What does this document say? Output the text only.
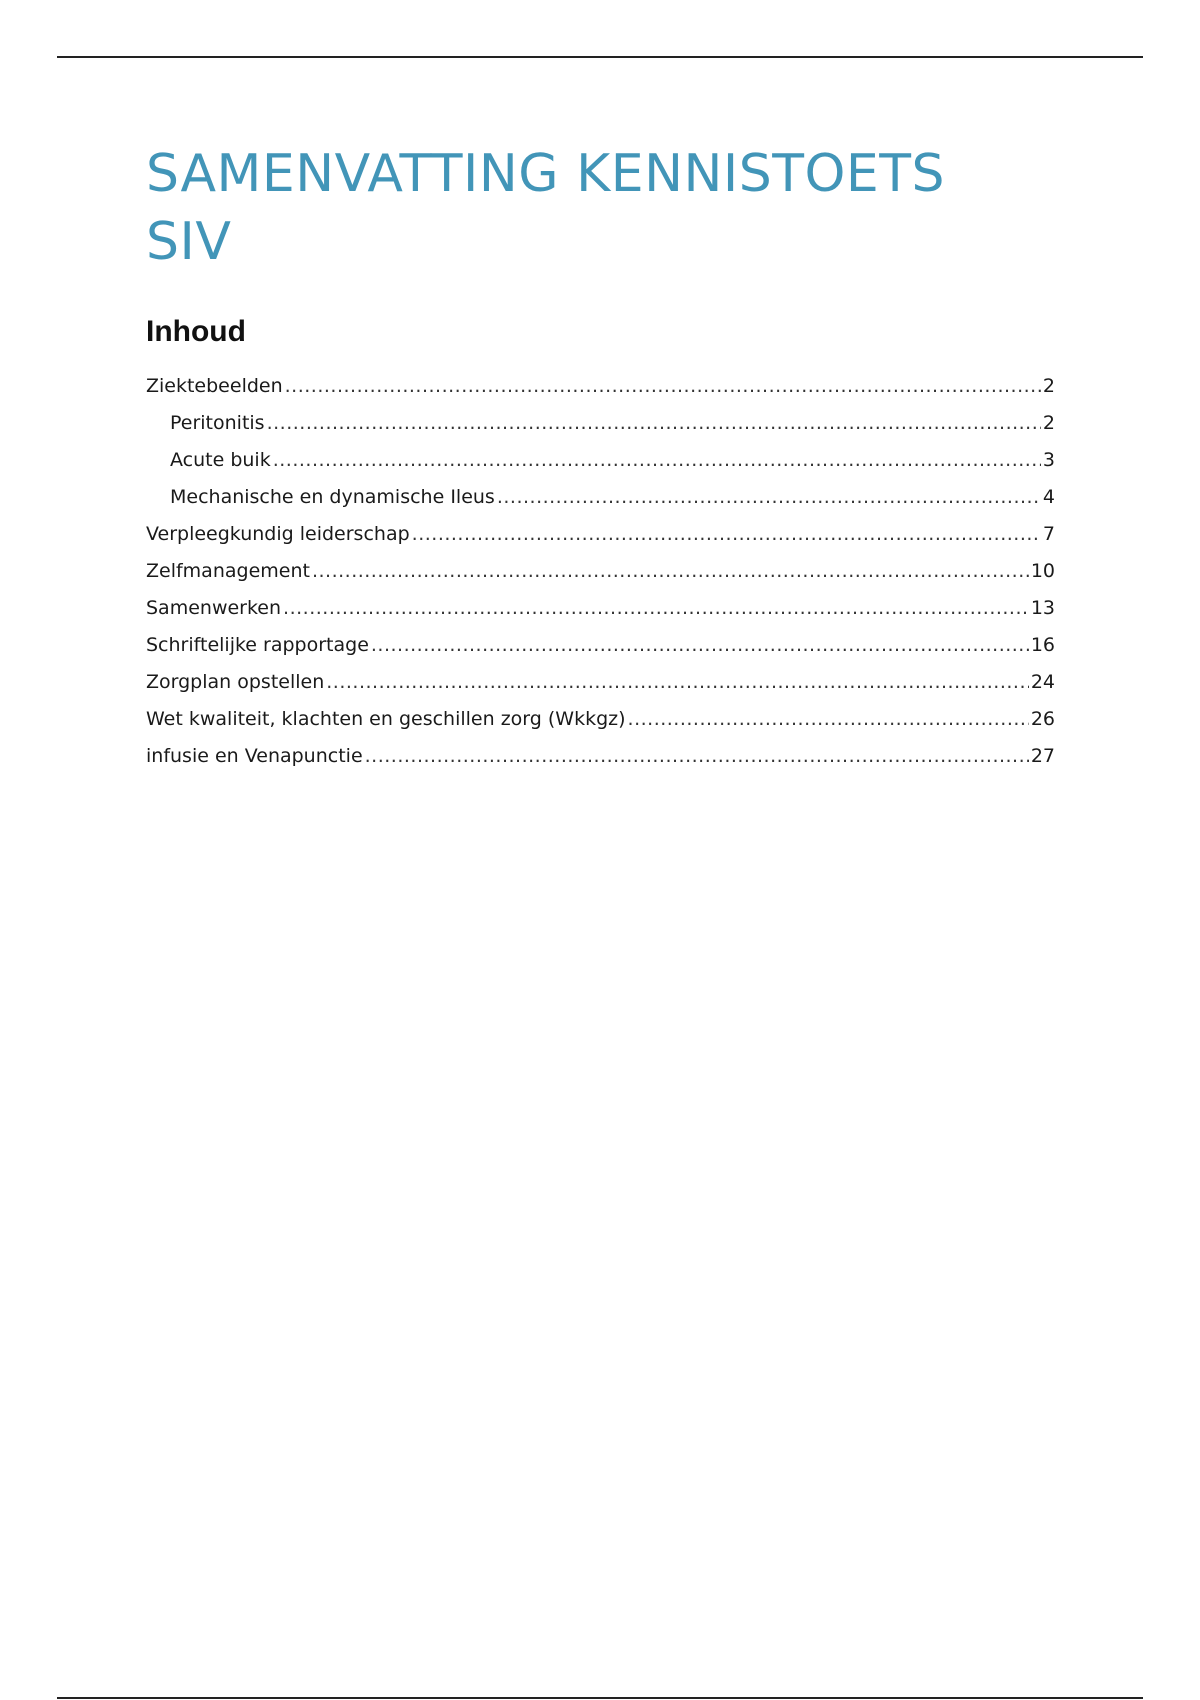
SAMENVATTING KENNISTOETS SIV
Inhoud
Ziektebeelden .....	2
Peritonitis .....	2
Acute buik .....	3
Mechanische en dynamische Ileus .....	4
Verpleegkundig leiderschap .....	7
Zelfmanagement .....	10
Samenwerken .....	13
Schriftelijke rapportage .....	16
Zorgplan opstellen .....	24
Wet kwaliteit, klachten en geschillen zorg (Wkkgz) .....	26
infusie en Venapunctie .....	27
